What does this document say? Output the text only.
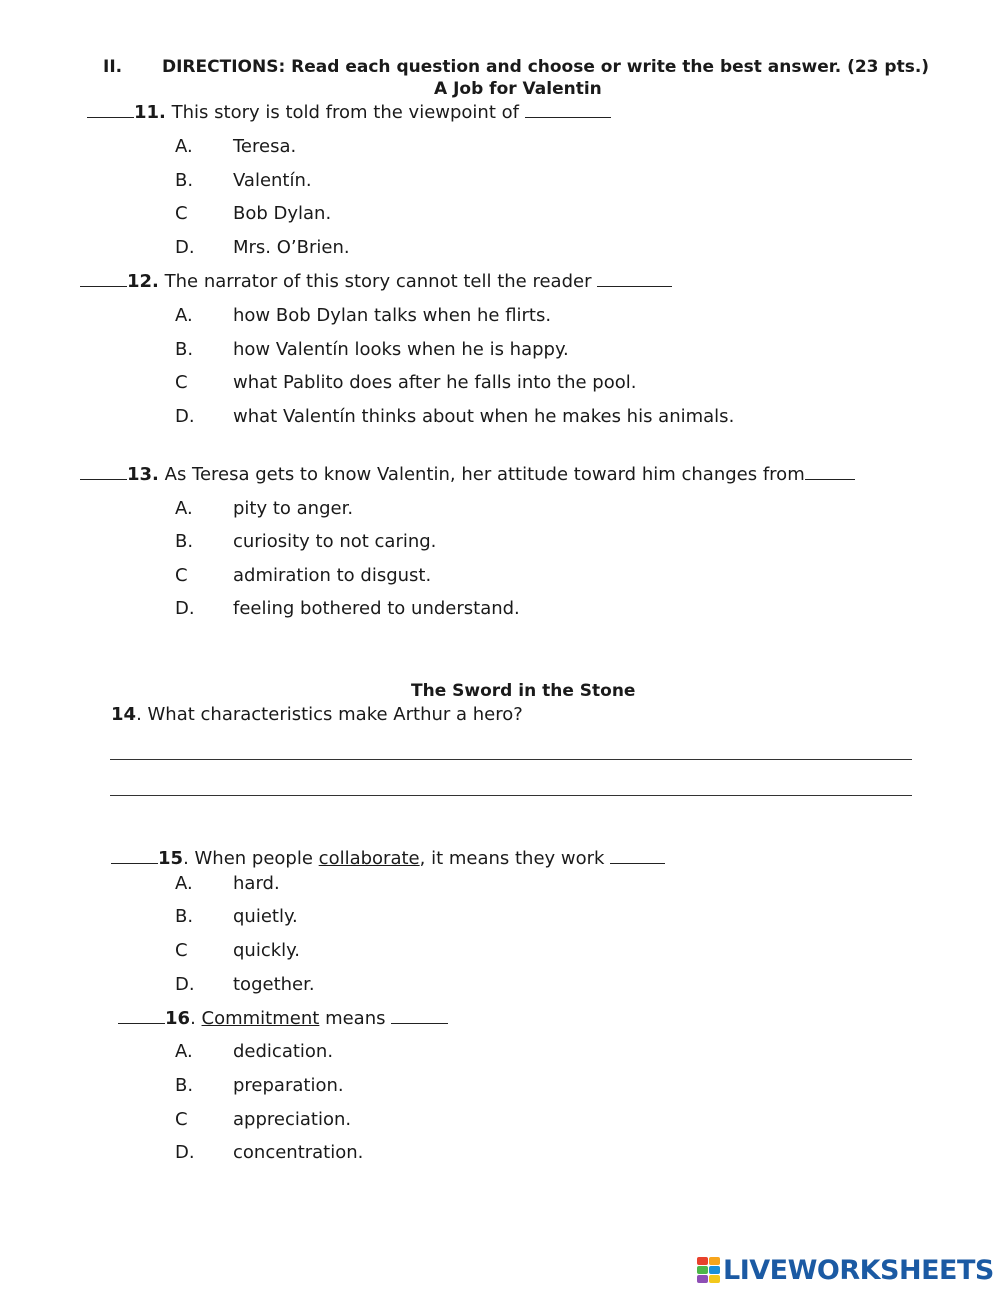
II. DIRECTIONS: Read each question and choose or write the best answer. (23 pts.)
A Job for Valentin
11. This story is told from the viewpoint of
A. Teresa.
B. Valentín.
C	Bob Dylan.
D. Mrs. O’Brien.
12. The narrator of this story cannot tell the reader
A. how Bob Dylan talks when he flirts.
B. how Valentín looks when he is happy.
C	what Pablito does after he falls into the pool.
D. what Valentín thinks about when he makes his animals.
13. As Teresa gets to know Valentin, her attitude toward him changes from
A. pity to anger.
B. curiosity to not caring.
C	admiration to disgust.
D. feeling bothered to understand.
The Sword in the Stone
14. What characteristics make Arthur a hero?
15. When people collaborate, it means they work
A. hard.
B. quietly.
C	quickly.
D. together.
16. Commitment means
A. dedication.
B. preparation.
C	appreciation.
D. concentration.
LIVEWORKSHEETS
